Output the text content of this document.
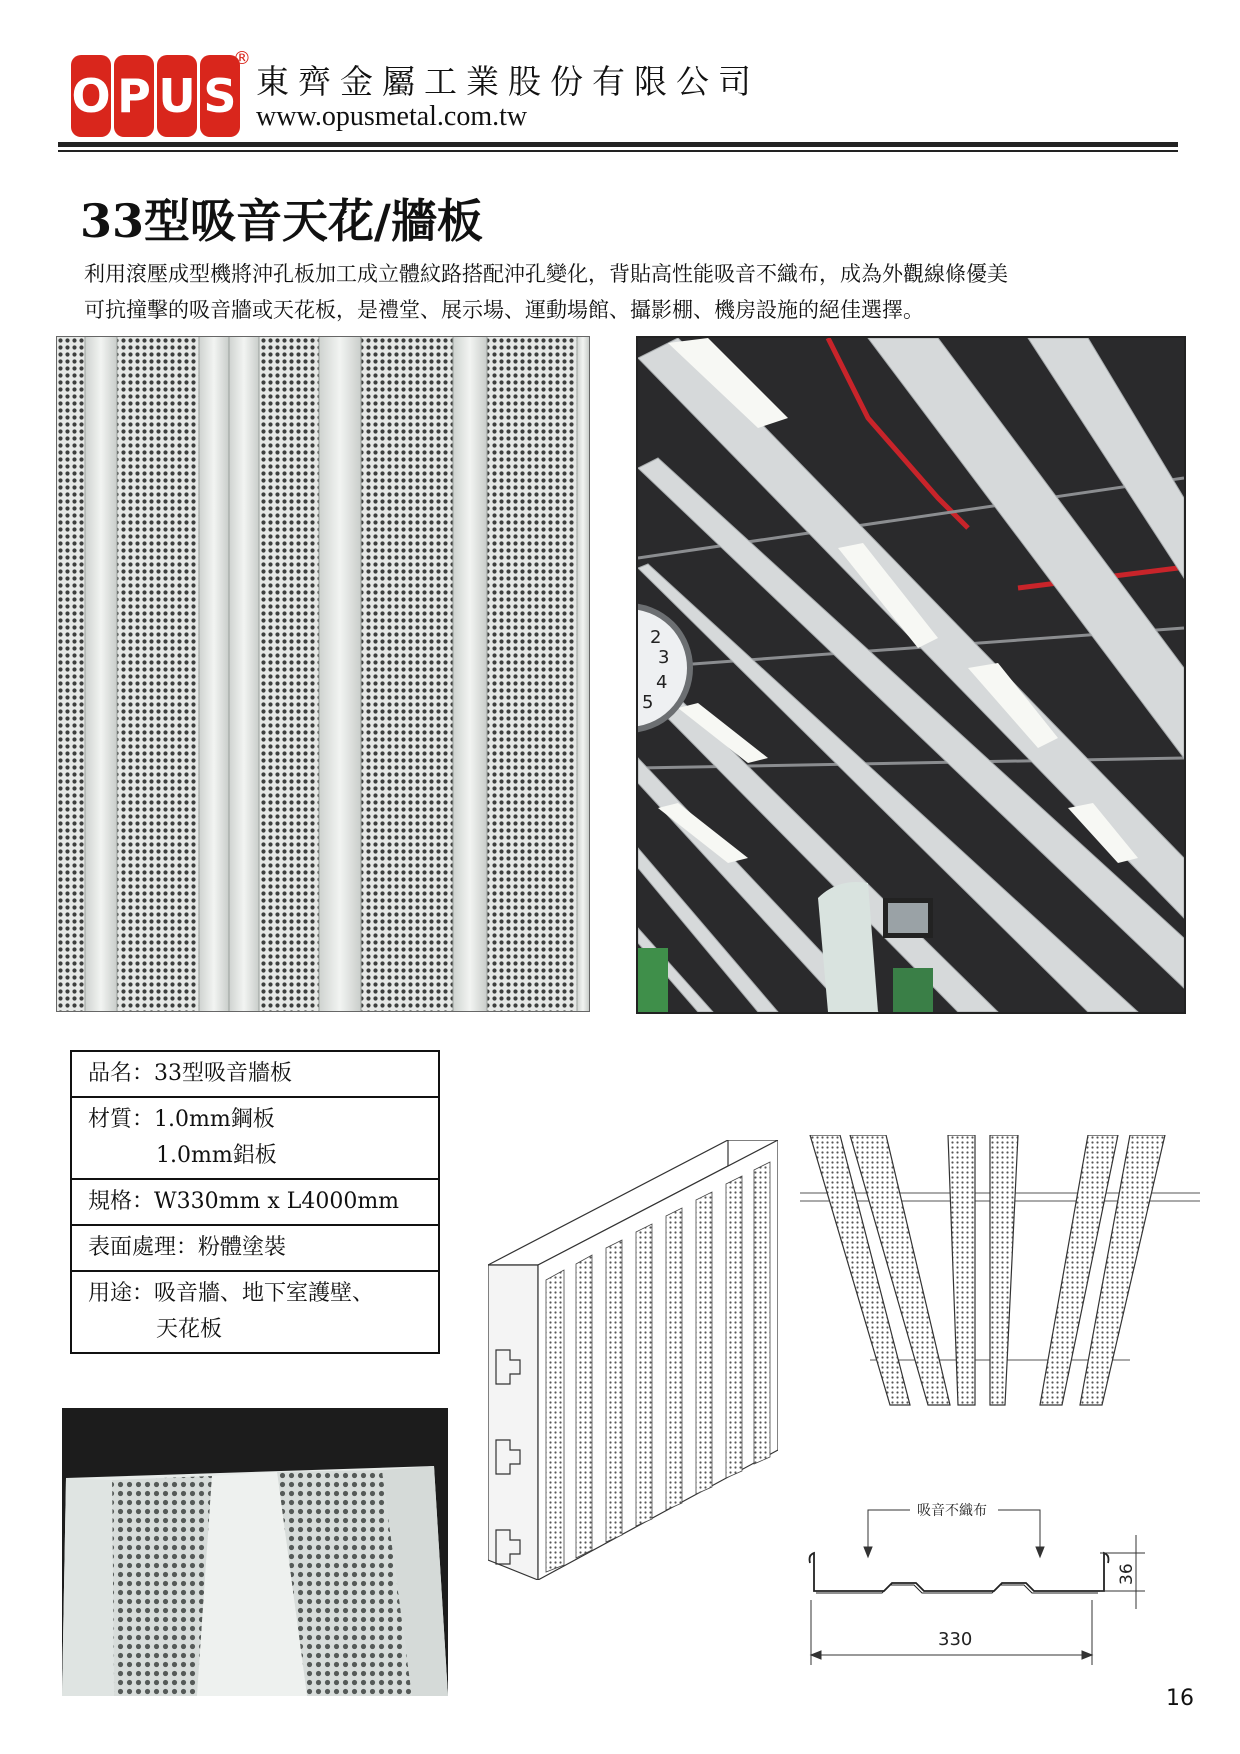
O P U S
®
東齊金屬工業股份有限公司
www.opusmetal.com.tw
33型吸音天花/牆板
利用滾壓成型機將沖孔板加工成立體紋路搭配沖孔變化，背貼高性能吸音不織布，成為外觀線條優美
可抗撞擊的吸音牆或天花板，是禮堂、展示場、運動場館、攝影棚、機房設施的絕佳選擇。
2
3
4
5
品名：33型吸音牆板
材質：1.0mm鋼板
1.0mm鋁板
規格：W330mm x L4000mm
表面處理：粉體塗裝
用途：吸音牆、地下室護壁、
天花板
吸音不織布
36
330
16
